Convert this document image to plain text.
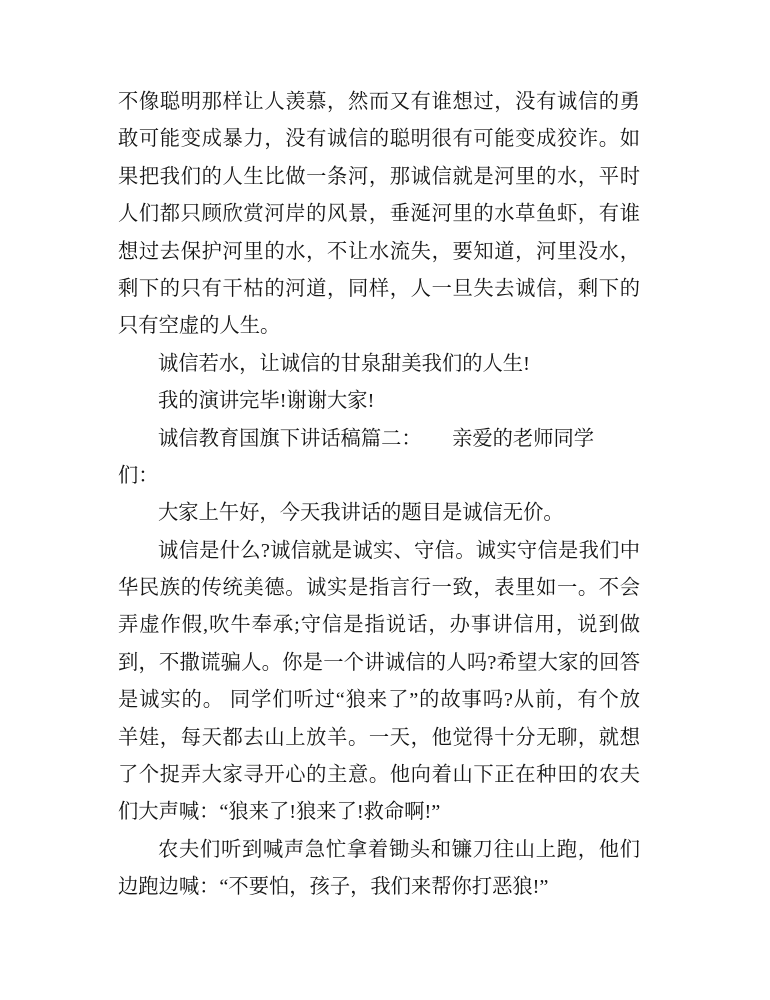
不像聪明那样让人羡慕，然而又有谁想过，没有诚信的勇
敢可能变成暴力，没有诚信的聪明很有可能变成狡诈。如
果把我们的人生比做一条河，那诚信就是河里的水，平时
人们都只顾欣赏河岸的风景，垂涎河里的水草鱼虾，有谁
想过去保护河里的水，不让水流失，要知道，河里没水，
剩下的只有干枯的河道，同样，人一旦失去诚信，剩下的
只有空虚的人生。
诚信若水，让诚信的甘泉甜美我们的人生!
我的演讲完毕!谢谢大家!
诚信教育国旗下讲话稿篇二：      亲爱的老师同学
们：
大家上午好，今天我讲话的题目是诚信无价。
诚信是什么?诚信就是诚实、守信。诚实守信是我们中
华民族的传统美德。诚实是指言行一致，表里如一。不会
弄虚作假,吹牛奉承;守信是指说话，办事讲信用，说到做
到，不撒谎骗人。你是一个讲诚信的人吗?希望大家的回答
是诚实的。 同学们听过“狼来了”的故事吗?从前，有个放
羊娃，每天都去山上放羊。一天，他觉得十分无聊，就想
了个捉弄大家寻开心的主意。他向着山下正在种田的农夫
们大声喊：“狼来了!狼来了!救命啊!”
农夫们听到喊声急忙拿着锄头和镰刀往山上跑，他们
边跑边喊：“不要怕，孩子，我们来帮你打恶狼!”
